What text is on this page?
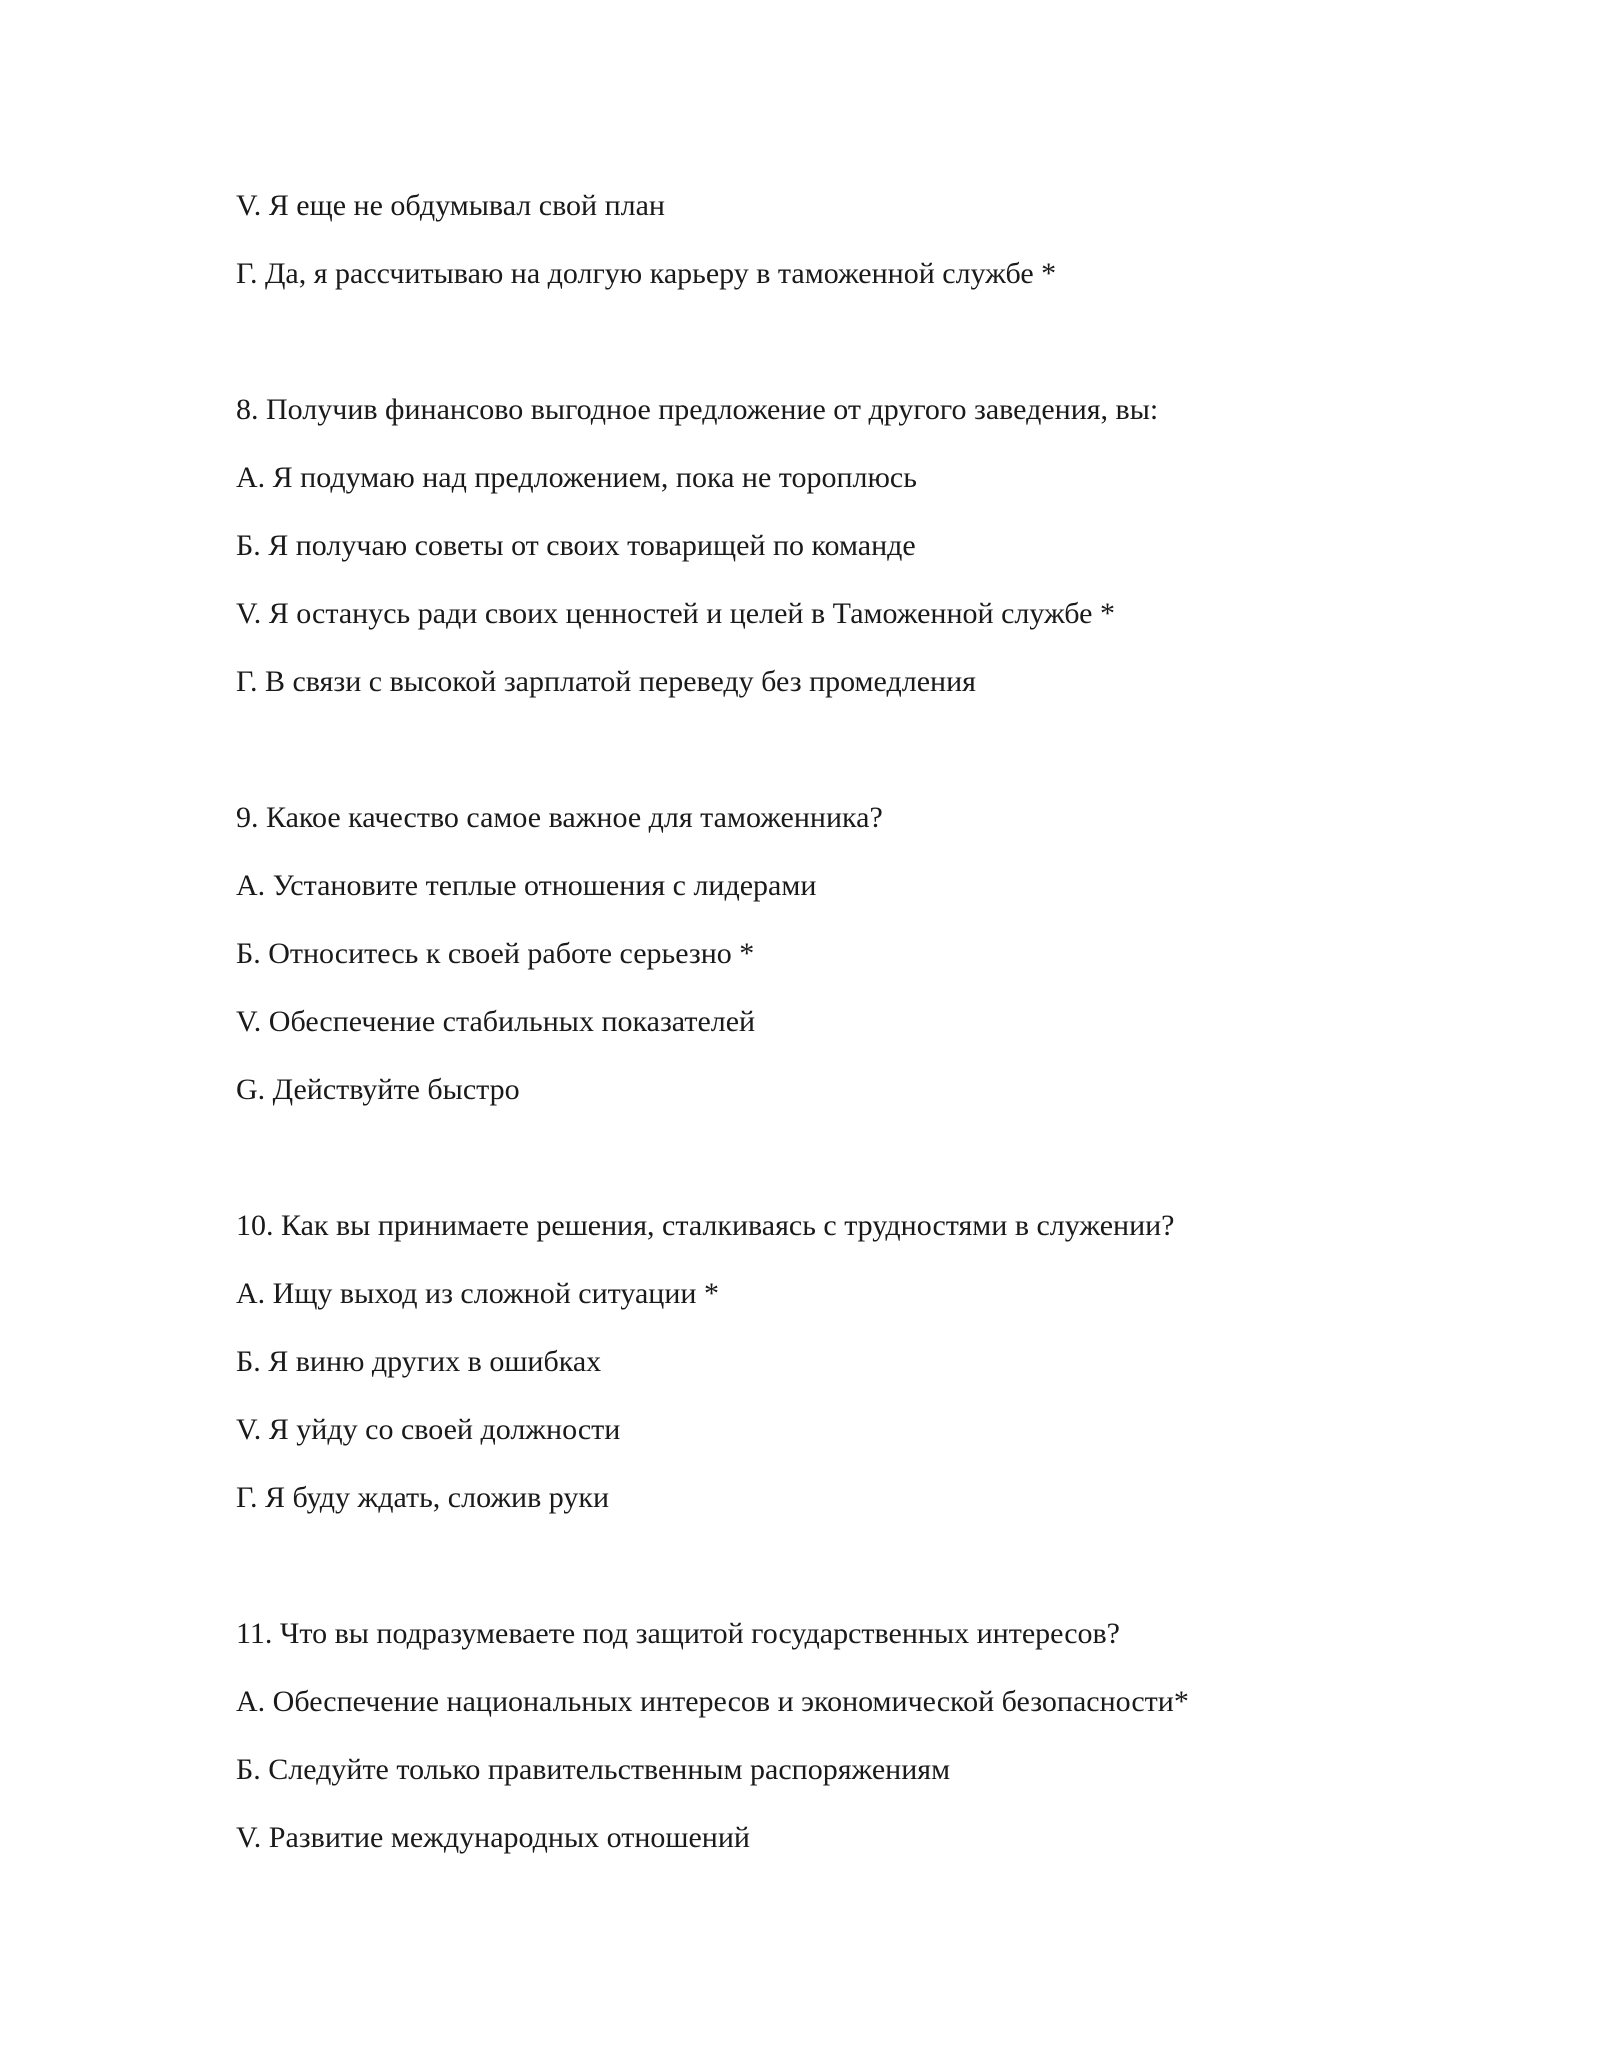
V. Я еще не обдумывал свой план
Г. Да, я рассчитываю на долгую карьеру в таможенной службе *
8. Получив финансово выгодное предложение от другого заведения, вы:
А. Я подумаю над предложением, пока не тороплюсь
Б. Я получаю советы от своих товарищей по команде
V. Я останусь ради своих ценностей и целей в Таможенной службе *
Г. В связи с высокой зарплатой переведу без промедления
9. Какое качество самое важное для таможенника?
А. Установите теплые отношения с лидерами
Б. Относитесь к своей работе серьезно *
V. Обеспечение стабильных показателей
G. Действуйте быстро
10. Как вы принимаете решения, сталкиваясь с трудностями в служении?
А. Ищу выход из сложной ситуации *
Б. Я виню других в ошибках
V. Я уйду со своей должности
Г. Я буду ждать, сложив руки
11. Что вы подразумеваете под защитой государственных интересов?
А. Обеспечение национальных интересов и экономической безопасности*
Б. Следуйте только правительственным распоряжениям
V. Развитие международных отношений
